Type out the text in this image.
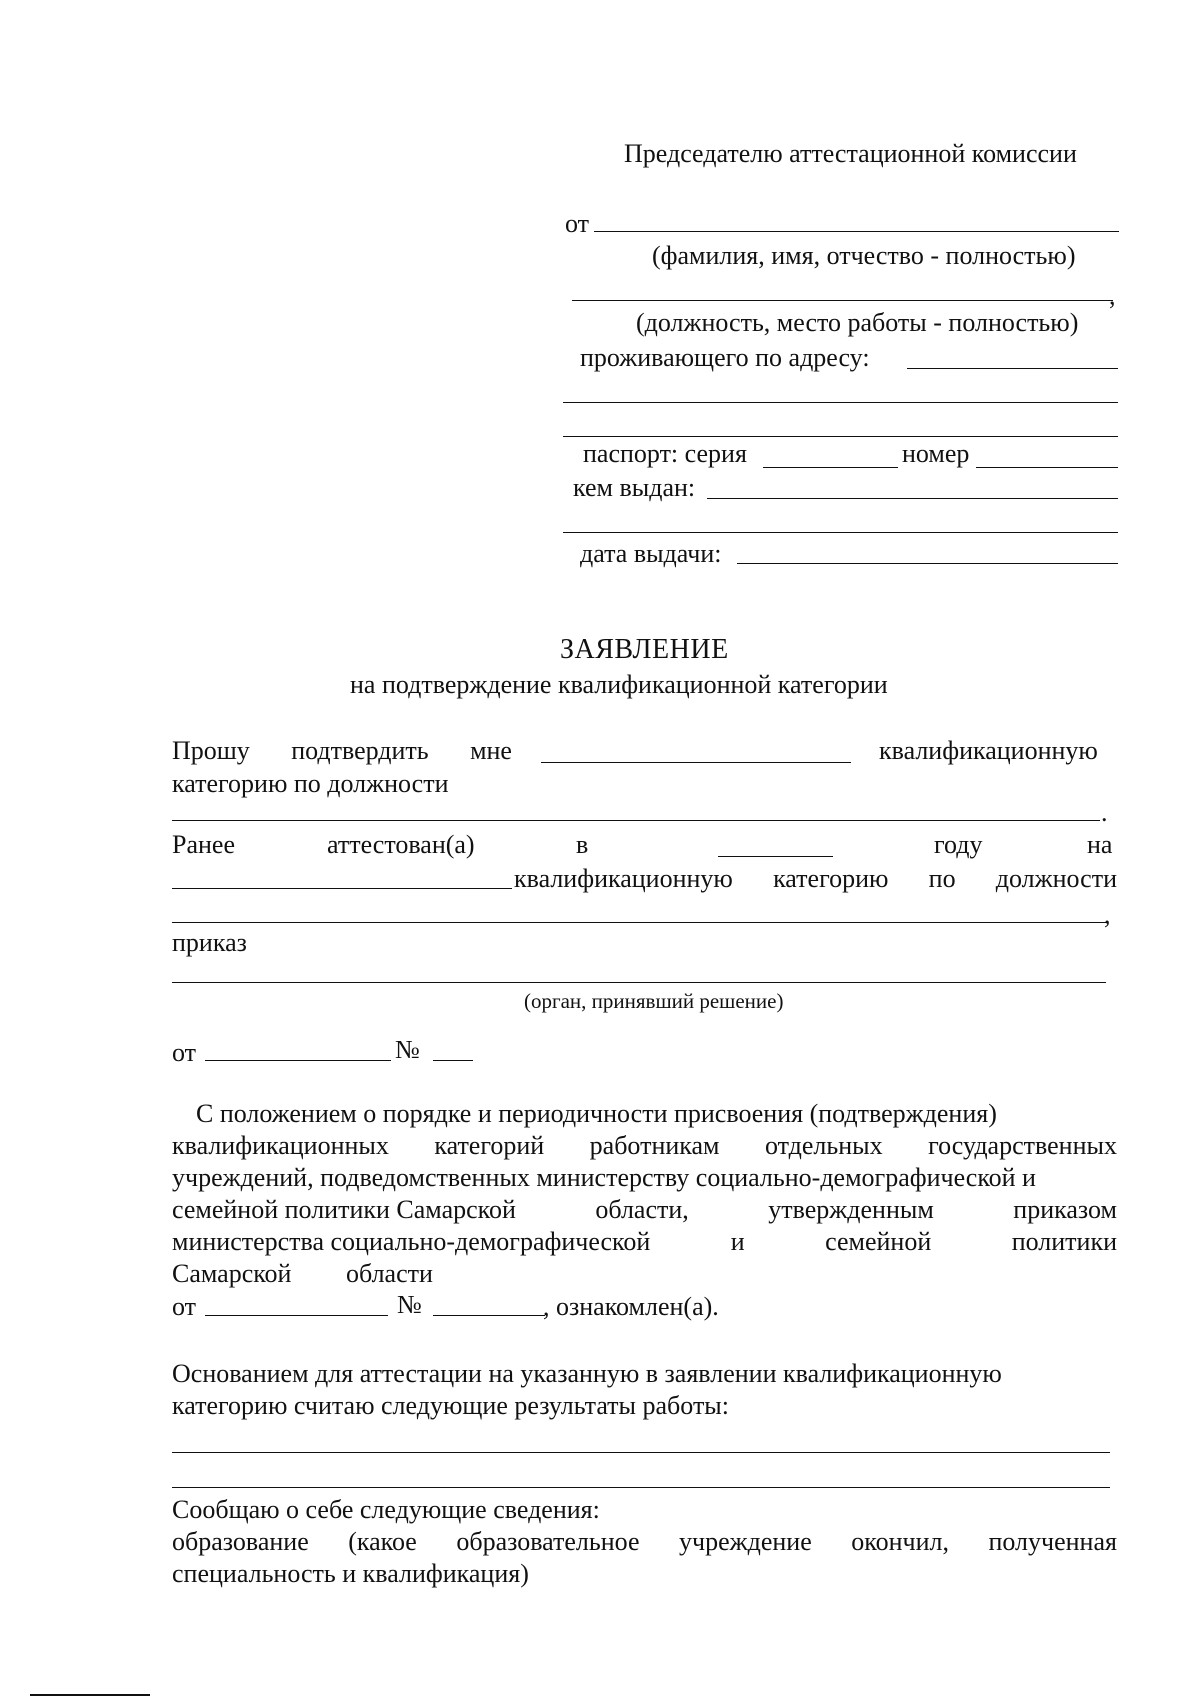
Председателю аттестационной комиссии
от
(фамилия, имя, отчество - полностью)
,
(должность, место работы - полностью)
проживающего по адресу:
паспорт: серия	номер
кем выдан:
дата выдачи:
ЗАЯВЛЕНИЕ
на подтверждение квалификационной категории
Прошу подтвердить мне	квалификационную
категорию по должности
.
Ранее	аттестован(а)	в	году	на
квалификационную категорию по должности
,
приказ
(орган, принявший решение)
от	№
С положением о порядке и периодичности присвоения (подтверждения)
квалификационных категорий работникам отдельных государственных
учреждений, подведомственных министерству социально-демографической и
семейной политики Самарской	области,	утвержденным	приказом
министерства социально-демографической	и	семейной	политики
Самарской области
от	№	, ознакомлен(а).
Основанием для аттестации на указанную в заявлении квалификационную
категорию считаю следующие результаты работы:
Сообщаю о себе следующие сведения:
образование (какое образовательное учреждение окончил, полученная
специальность и квалификация)
